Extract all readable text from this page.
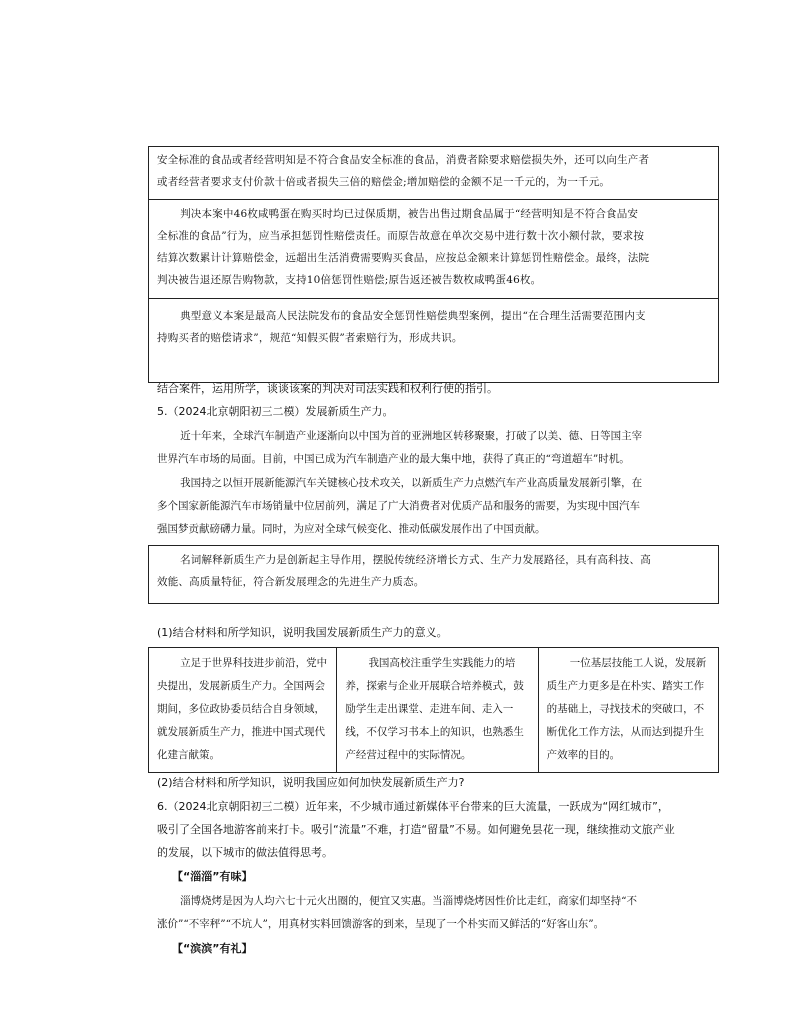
安全标准的食品或者经营明知是不符合食品安全标准的食品，消费者除要求赔偿损失外，还可以向生产者

或者经营者要求支付价款十倍或者损失三倍的赔偿金;增加赔偿的金额不足一千元的，为一千元。

判决本案中46枚咸鸭蛋在购买时均已过保质期，被告出售过期食品属于“经营明知是不符合食品安

全标准的食品”行为，应当承担惩罚性赔偿责任。而原告故意在单次交易中进行数十次小额付款，要求按

结算次数累计计算赔偿金，远超出生活消费需要购买食品，应按总金额来计算惩罚性赔偿金。最终，法院

判决被告退还原告购物款，支持10倍惩罚性赔偿;原告返还被告数枚咸鸭蛋46枚。

典型意义本案是最高人民法院发布的食品安全惩罚性赔偿典型案例，提出“在合理生活需要范围内支

持购买者的赔偿请求”，规范“知假买假”者索赔行为，形成共识。

结合案件，运用所学，谈谈该案的判决对司法实践和权利行使的指引。

5.（2024北京朝阳初三二模）发展新质生产力。

近十年来，全球汽车制造产业逐渐向以中国为首的亚洲地区转移聚聚，打破了以美、德、日等国主宰

世界汽车市场的局面。目前，中国已成为汽车制造产业的最大集中地，获得了真正的“弯道超车”时机。

我国持之以恒开展新能源汽车关键核心技术攻关，以新质生产力点燃汽车产业高质量发展新引擎，在

多个国家新能源汽车市场销量中位居前列，满足了广大消费者对优质产品和服务的需要，为实现中国汽车

强国梦贡献磅礴力量。同时，为应对全球气候变化、推动低碳发展作出了中国贡献。

名词解释新质生产力是创新起主导作用，摆脱传统经济增长方式、生产力发展路径，具有高科技、高

效能、高质量特征，符合新发展理念的先进生产力质态。

(1)结合材料和所学知识，说明我国发展新质生产力的意义。

立足于世界科技进步前沿，党中央提出，发展新质生产力。全国两会期间，多位政协委员结合自身领域，就发展新质生产力，推进中国式现代化建言献策。
我国高校注重学生实践能力的培养，探索与企业开展联合培养模式，鼓励学生走出课堂、走进车间、走入一线，不仅学习书本上的知识，也熟悉生产经营过程中的实际情况。
一位基层技能工人说，发展新质生产力更多是在朴实、踏实工作的基础上，寻找技术的突破口，不断优化工作方法，从而达到提升生产效率的目的。

(2)结合材料和所学知识，说明我国应如何加快发展新质生产力?

6.（2024北京朝阳初三二模）近年来，不少城市通过新媒体平台带来的巨大流量，一跃成为“网红城市”，

吸引了全国各地游客前来打卡。吸引“流量”不难，打造“留量”不易。如何避免昙花一现，继续推动文旅产业

的发展，以下城市的做法值得思考。

【“淄淄”有味】

淄博烧烤是因为人均六七十元火出圈的，便宜又实惠。当淄博烧烤因性价比走红，商家们却坚持“不

涨价”“不宰秤”“不坑人”，用真材实料回馈游客的到来，呈现了一个朴实而又鲜活的“好客山东”。

【“滨滨”有礼】
